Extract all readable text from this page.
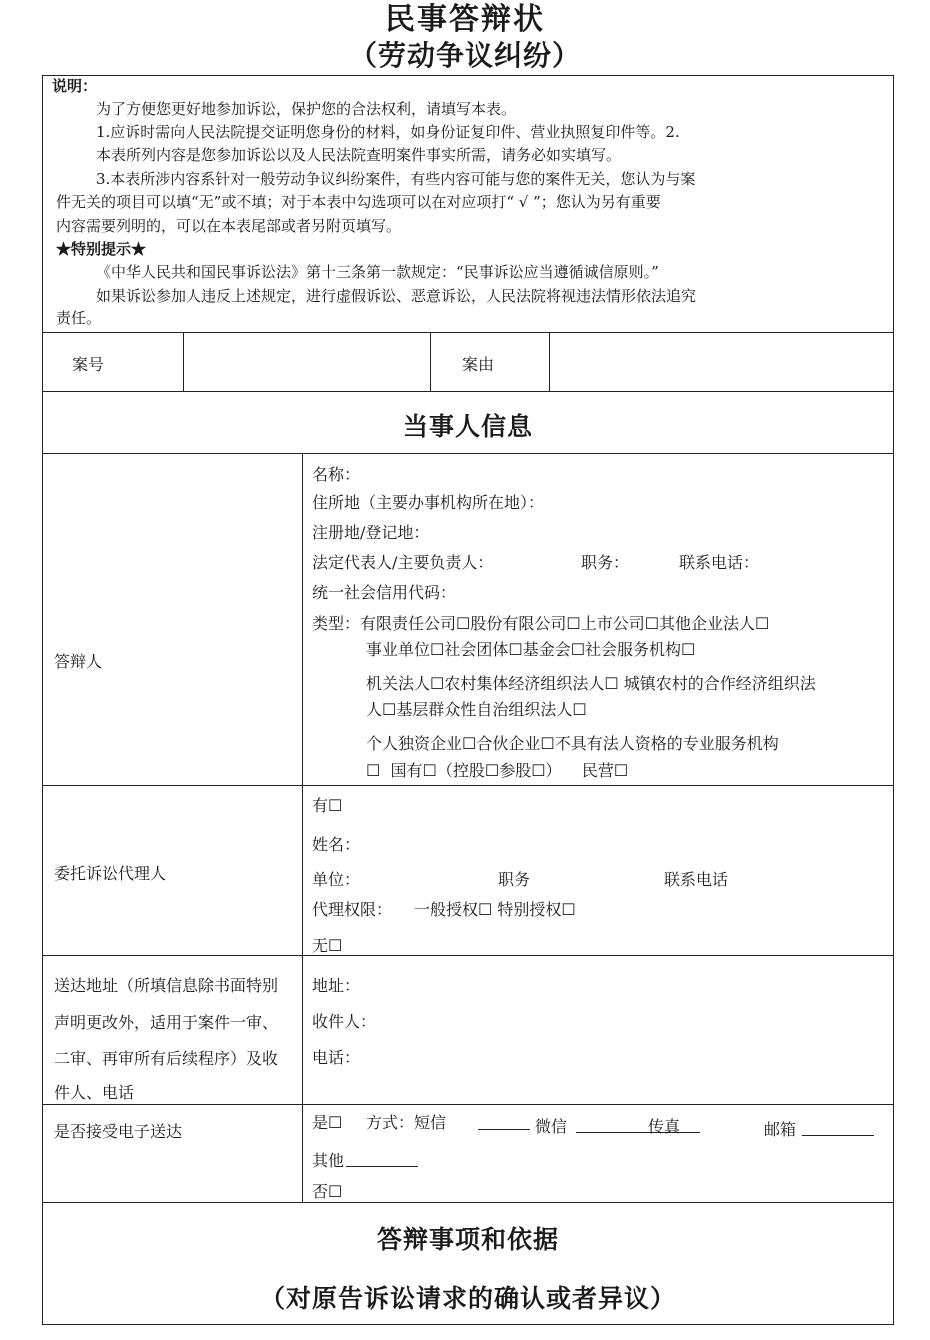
民事答辩状
（劳动争议纠纷）
说明：
为了方便您更好地参加诉讼，保护您的合法权利，请填写本表。
1.应诉时需向人民法院提交证明您身份的材料，如身份证复印件、营业执照复印件等。2.
本表所列内容是您参加诉讼以及人民法院查明案件事实所需，请务必如实填写。
3.本表所涉内容系针对一般劳动争议纠纷案件，有些内容可能与您的案件无关，您认为与案
件无关的项目可以填“无”或不填；对于本表中勾选项可以在对应项打“ √ ”；您认为另有重要
内容需要列明的，可以在本表尾部或者另附页填写。
★特别提示★
《中华人民共和国民事诉讼法》第十三条第一款规定：“民事诉讼应当遵循诚信原则。”
如果诉讼参加人违反上述规定，进行虚假诉讼、恶意诉讼，人民法院将视违法情形依法追究
责任。
案号	案由
当事人信息
答辩人
名称：
住所地（主要办事机构所在地）：
注册地/登记地：
法定代表人/主要负责人：	职务：	联系电话：
统一社会信用代码：
类型：有限责任公司☐股份有限公司☐上市公司☐其他企业法人☐
事业单位☐社会团体☐基金会☐社会服务机构☐
机关法人☐农村集体经济组织法人☐ 城镇农村的合作经济组织法
人☐基层群众性自治组织法人☐
个人独资企业☐合伙企业☐不具有法人资格的专业服务机构
☐  国有☐（控股☐参股☐）    民营☐
委托诉讼代理人
有☐
姓名：
单位：	职务	联系电话
代理权限： 一般授权☐ 特别授权☐
无☐
送达地址（所填信息除书面特别
声明更改外，适用于案件一审、
二审、再审所有后续程序）及收
件人、电话
地址：
收件人：
电话：
是否接受电子送达	是☐ 方式：短信	微信	传真	邮箱
其他
否☐
答辩事项和依据
（对原告诉讼请求的确认或者异议）
